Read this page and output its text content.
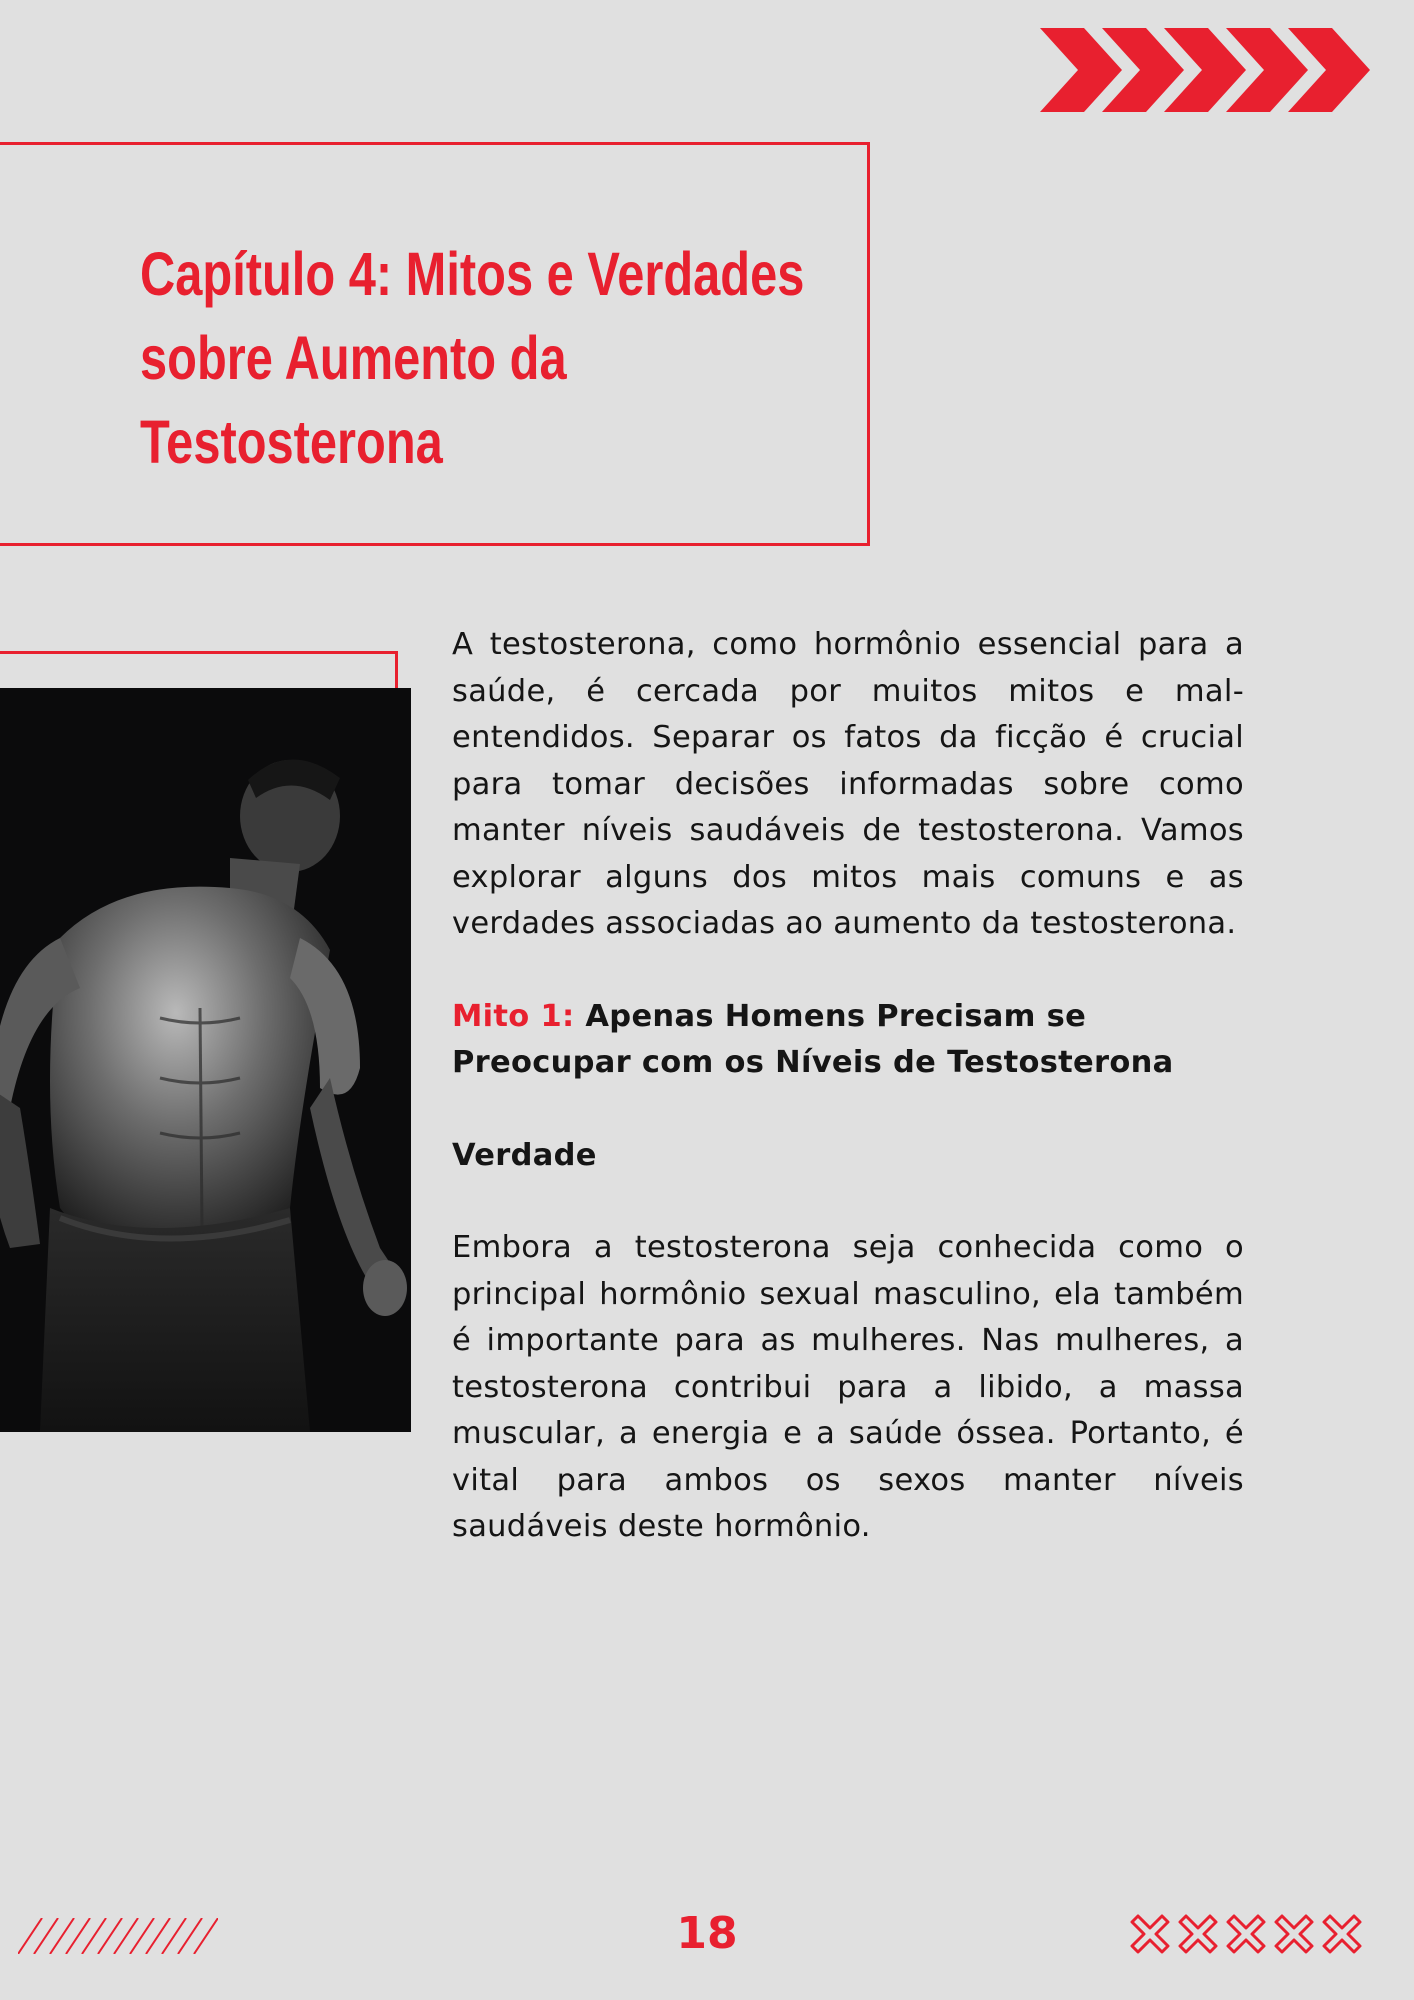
Capítulo 4: Mitos e Verdades sobre Aumento da Testosterona

A testosterona, como hormônio essencial para a saúde, é cercada por muitos mitos e mal-entendidos. Separar os fatos da ficção é crucial para tomar decisões informadas sobre como manter níveis saudáveis de testosterona. Vamos explorar alguns dos mitos mais comuns e as verdades associadas ao aumento da testosterona.

Mito 1: Apenas Homens Precisam se Preocupar com os Níveis de Testosterona

Verdade

Embora a testosterona seja conhecida como o principal hormônio sexual masculino, ela também é importante para as mulheres. Nas mulheres, a testosterona contribui para a libido, a massa muscular, a energia e a saúde óssea. Portanto, é vital para ambos os sexos manter níveis saudáveis deste hormônio.

18
